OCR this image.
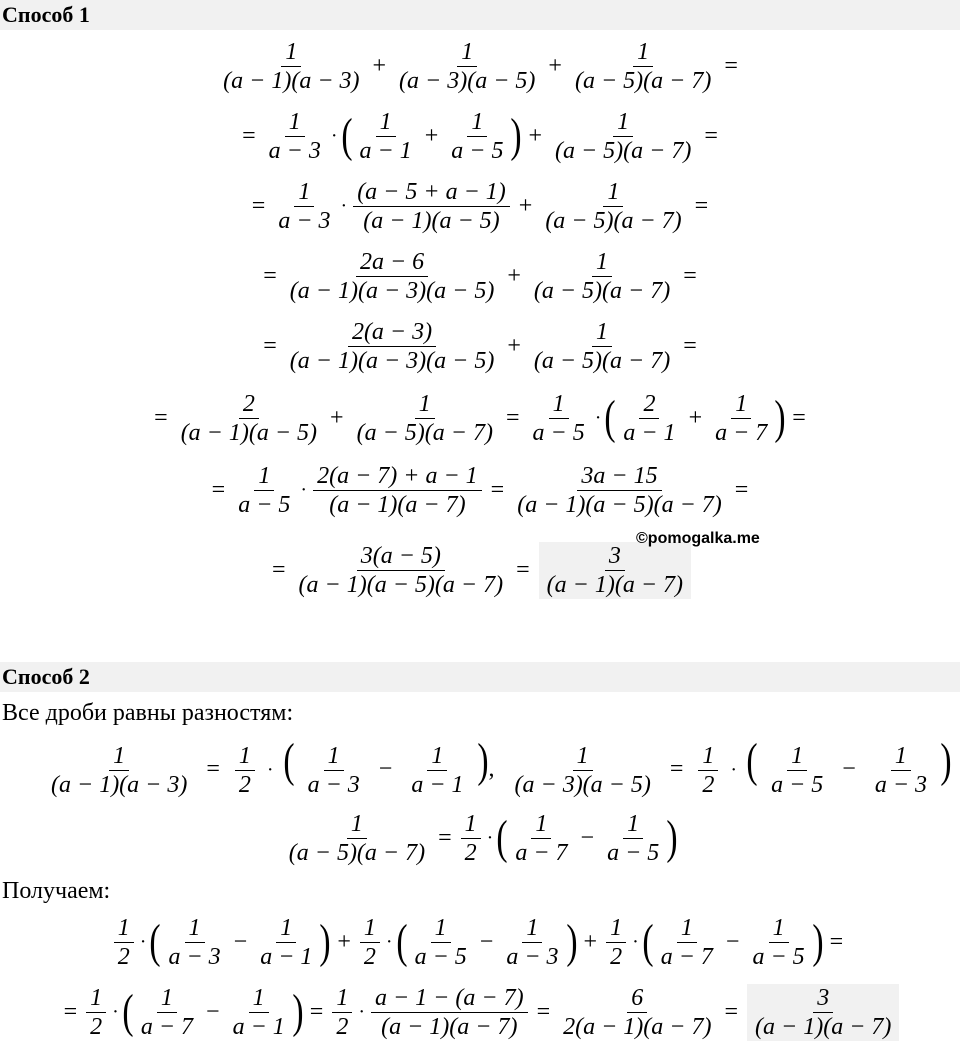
Способ 1
$\frac{1}{(a - 1)(a - 3)} + \frac{1}{(a - 3)(a - 5)} + \frac{1}{(a - 5)(a - 7)}$ =
= $\frac{1}{a - 3}$ · ( $\frac{1}{a - 1} + \frac{1}{a - 5}$ ) + $\frac{1}{(a - 5)(a - 7)}$ =
= $\frac{1}{a - 3} \cdot \frac{(a - 5 + a - 1)}{(a - 1)(a - 5)} + \frac{1}{(a - 5)(a - 7)}$ =
= $\frac{2a - 6}{(a - 1)(a - 3)(a - 5)} + \frac{1}{(a - 5)(a - 7)}$ =
= $\frac{2(a - 3)}{(a - 1)(a - 3)(a - 5)} + \frac{1}{(a - 5)(a - 7)}$ =
= $\frac{2}{(a - 1)(a - 5)} + \frac{1}{(a - 5)(a - 7)} = \frac{1}{a - 5}$ · ( $\frac{2}{a - 1} + \frac{1}{a - 7}$ ) =
= $\frac{1}{a - 5} \cdot \frac{2(a - 7) + a - 1}{(a - 1)(a - 7)} = \frac{3a - 15}{(a - 1)(a - 5)(a - 7)}$ =
= $\frac{3(a - 5)}{(a - 1)(a - 5)(a - 7)} = \frac{3}{(a - 1)(a - 7)}$
©pomogalka.me
Способ 2
Все дроби равны разностям:
$\frac{1}{(a - 1)(a - 3)} = \frac{1}{2}$ · ( $\frac{1}{a - 3} - \frac{1}{a - 1}$ ), $\frac{1}{(a - 3)(a - 5)} = \frac{1}{2}$ · ( $\frac{1}{a - 5} - \frac{1}{a - 3}$ )
$\frac{1}{(a - 5)(a - 7)} = \frac{1}{2}$ · ( $\frac{1}{a - 7} - \frac{1}{a - 5}$ )
Получаем:
$\frac{1}{2}$ · ( $\frac{1}{a - 3} - \frac{1}{a - 1}$ ) + $\frac{1}{2}$ · ( $\frac{1}{a - 5} - \frac{1}{a - 3}$ ) + $\frac{1}{2}$ · ( $\frac{1}{a - 7} - \frac{1}{a - 5}$ ) =
= $\frac{1}{2}$ · ( $\frac{1}{a - 7} - \frac{1}{a - 1}$ ) = $\frac{1}{2} \cdot \frac{a - 1 - (a - 7)}{(a - 1)(a - 7)} = \frac{6}{2(a - 1)(a - 7)} = \frac{3}{(a - 1)(a - 7)}$
